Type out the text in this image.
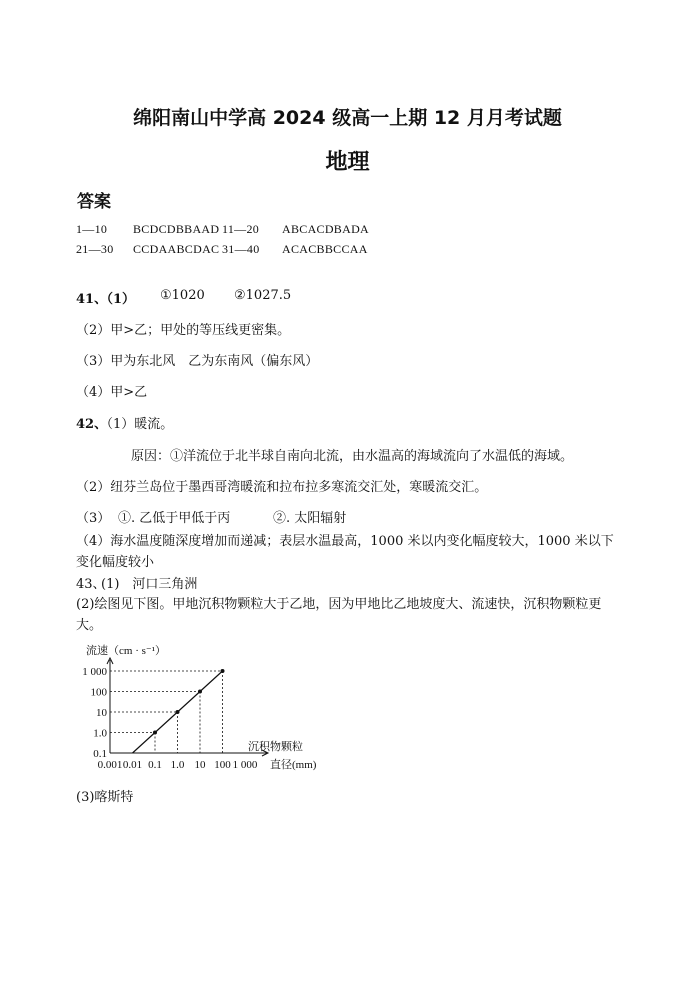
绵阳南山中学高 2024 级高一上期 12 月月考试题
地理
答案
1—10 BCDCDBBAAD 11—20 ABCACDBADA
21—30 CCDAABCDAC 31—40 ACACBBCCAA
41、
（1） ①1020 ②1027.5
（2）甲>乙；甲处的等压线更密集。
（3）甲为东北风　乙为东南风（偏东风）
（4）甲>乙
42、
（1）暖流。
原因：①洋流位于北半球自南向北流，由水温高的海域流向了水温低的海域。
（2）纽芬兰岛位于墨西哥湾暖流和拉布拉多寒流交汇处，寒暖流交汇。
（3） ①. 乙低于甲低于丙	②. 太阳辐射
（4）海水温度随深度增加而递减；表层水温最高，1000 米以内变化幅度较大，1000 米以下变化幅度较小
43、
(1)　河口三角洲
(2)绘图见下图。甲地沉积物颗粒大于乙地，因为甲地比乙地坡度大、流速快，沉积物颗粒更大。
流速（cm · s⁻¹）
沉积物颗粒
直径(mm)
0.001 0.01 0.1 1.0 10 100 1 000
0.1
1.0
10
100
1 000
(3)喀斯特
